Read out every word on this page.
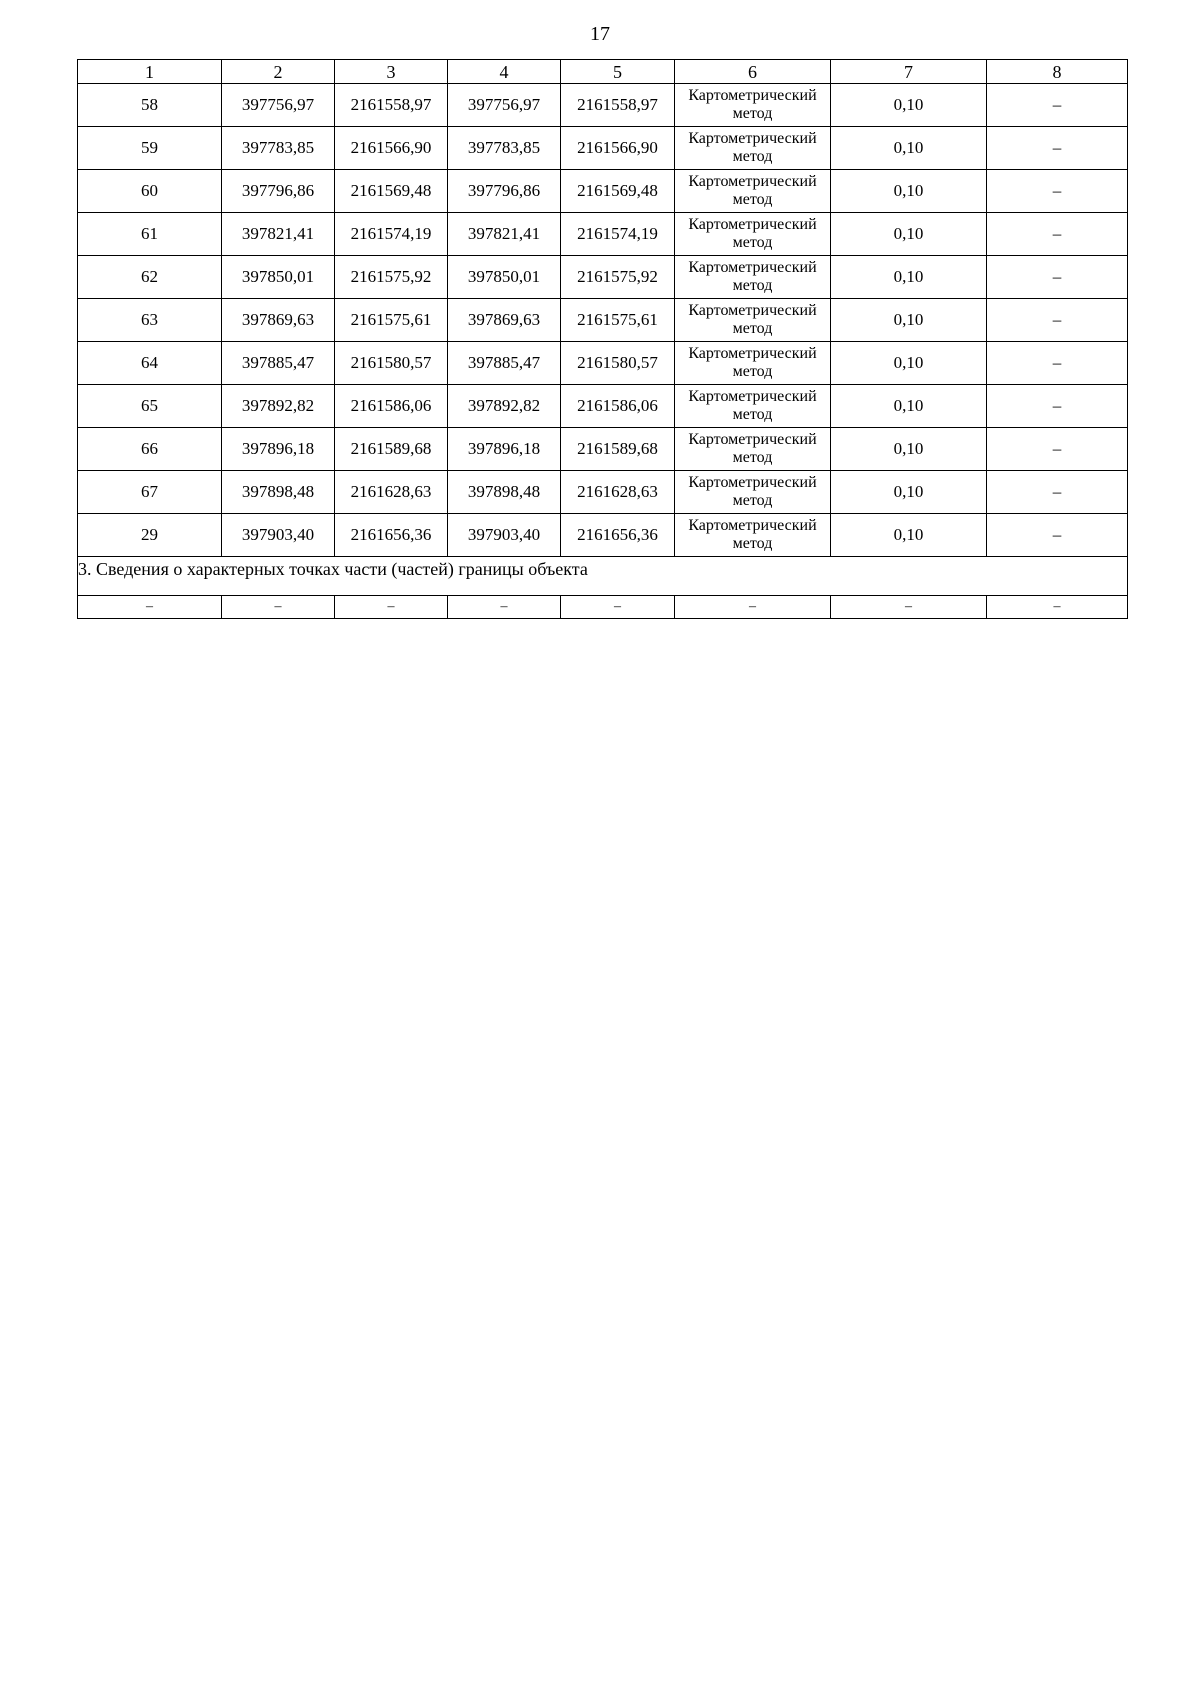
17
1	2	3	4	5	6	7	8
58	397756,97	2161558,97	397756,97	2161558,97	Картометрический
метод	0,10	–
59	397783,85	2161566,90	397783,85	2161566,90	Картометрический
метод	0,10	–
60	397796,86	2161569,48	397796,86	2161569,48	Картометрический
метод	0,10	–
61	397821,41	2161574,19	397821,41	2161574,19	Картометрический
метод	0,10	–
62	397850,01	2161575,92	397850,01	2161575,92	Картометрический
метод	0,10	–
63	397869,63	2161575,61	397869,63	2161575,61	Картометрический
метод	0,10	–
64	397885,47	2161580,57	397885,47	2161580,57	Картометрический
метод	0,10	–
65	397892,82	2161586,06	397892,82	2161586,06	Картометрический
метод	0,10	–
66	397896,18	2161589,68	397896,18	2161589,68	Картометрический
метод	0,10	–
67	397898,48	2161628,63	397898,48	2161628,63	Картометрический
метод	0,10	–
29	397903,40	2161656,36	397903,40	2161656,36	Картометрический
метод	0,10	–
3. Сведения о характерных точках части (частей) границы объекта							
–	–	–	–	–	–	–	–
